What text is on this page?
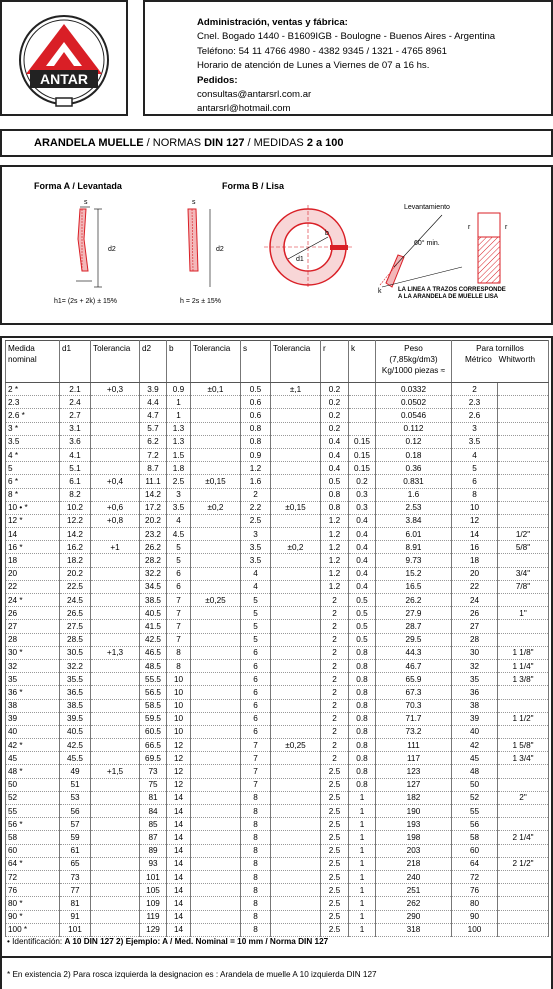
ANTAR
Administración, ventas y fábrica:
Cnel. Bogado 1440 - B1609IGB - Boulogne - Buenos Aires - Argentina
Teléfono: 54 11 4766 4980 - 4382 9345 / 1321 - 4765 8961
Horario de atención de Lunes a Viernes de 07 a 16 hs.
Pedidos:
consultas@antarsrl.com.ar
antarsrl@hotmail.com
ARANDELA MUELLE / NORMAS DIN 127 / MEDIDAS 2 a 100
Forma A / Levantada
s
d2
h1= (2s + 2k) ± 15%
Forma B / Lisa
s
d2
h = 2s ± 15%
d1
b
Levantamiento
60° min.
k
r	r
LA LINEA A TRAZOS CORRESPONDE
A LA ARANDELA DE MUELLE LISA
Medida
nominal	d1	Tolerancia	d2	b	Tolerancia	s	Tolerancia	r	k	Peso
(7,85kg/dm3)
Kg/1000 piezas ≈	Para tornillos
Métrico Whitworth	
2 *	2.1	+0,3	3.9	0.9	±0,1	0.5	±,1	0.2		0.0332	2	
2.3	2.4		4.4	1		0.6		0.2		0.0502	2.3	
2.6 *	2.7		4.7	1		0.6		0.2		0.0546	2.6	
3 *	3.1		5.7	1.3		0.8		0.2		0.112	3	
3.5	3.6		6.2	1.3		0.8		0.4	0.15	0.12	3.5	
4 *	4.1		7.2	1.5		0.9		0.4	0.15	0.18	4	
5	5.1		8.7	1.8		1.2		0.4	0.15	0.36	5	
6 *	6.1	+0,4	11.1	2.5	±0,15	1.6		0.5	0.2	0.831	6	
8 *	8.2		14.2	3		2		0.8	0.3	1.6	8	
10 • *	10.2	+0,6	17.2	3.5	±0,2	2.2	±0,15	0.8	0.3	2.53	10	
12 *	12.2	+0,8	20.2	4		2.5		1.2	0.4	3.84	12	
14	14.2		23.2	4.5		3		1.2	0.4	6.01	14	1/2"
16 *	16.2	+1	26.2	5		3.5	±0,2	1.2	0.4	8.91	16	5/8"
18	18.2		28.2	5		3.5		1.2	0.4	9.73	18	
20	20.2		32.2	6		4		1.2	0.4	15.2	20	3/4"
22	22.5		34.5	6		4		1.2	0.4	16.5	22	7/8"
24 *	24.5		38.5	7	±0,25	5		2	0.5	26.2	24	
26	26.5		40.5	7		5		2	0.5	27.9	26	1"
27	27.5		41.5	7		5		2	0.5	28.7	27	
28	28.5		42.5	7		5		2	0.5	29.5	28	
30 *	30.5	+1,3	46.5	8		6		2	0.8	44.3	30	1 1/8"
32	32.2		48.5	8		6		2	0.8	46.7	32	1 1/4"
35	35.5		55.5	10		6		2	0.8	65.9	35	1 3/8"
36 *	36.5		56.5	10		6		2	0.8	67.3	36	
38	38.5		58.5	10		6		2	0.8	70.3	38	
39	39.5		59.5	10		6		2	0.8	71.7	39	1 1/2"
40	40.5		60.5	10		6		2	0.8	73.2	40	
42 *	42.5		66.5	12		7	±0,25	2	0.8	111	42	1 5/8"
45	45.5		69.5	12		7		2	0.8	117	45	1 3/4"
48 *	49	+1,5	73	12		7		2.5	0.8	123	48	
50	51		75	12		7		2.5	0.8	127	50	
52	53		81	14		8		2.5	1	182	52	2"
55	56		84	14		8		2.5	1	190	55	
56 *	57		85	14		8		2.5	1	193	56	
58	59		87	14		8		2.5	1	198	58	2 1/4"
60	61		89	14		8		2.5	1	203	60	
64 *	65		93	14		8		2.5	1	218	64	2 1/2"
72	73		101	14		8		2.5	1	240	72	
76	77		105	14		8		2.5	1	251	76	
80 *	81		109	14		8		2.5	1	262	80	
90 *	91		119	14		8		2.5	1	290	90	
100 *	101		129	14		8		2.5	1	318	100	
• Identificación: A 10 DIN 127 2) Ejemplo: A / Med. Nominal = 10 mm / Norma DIN 127
* En existencia 2) Para rosca izquierda la designacion es : Arandela de muelle A 10 izquierda DIN 127
